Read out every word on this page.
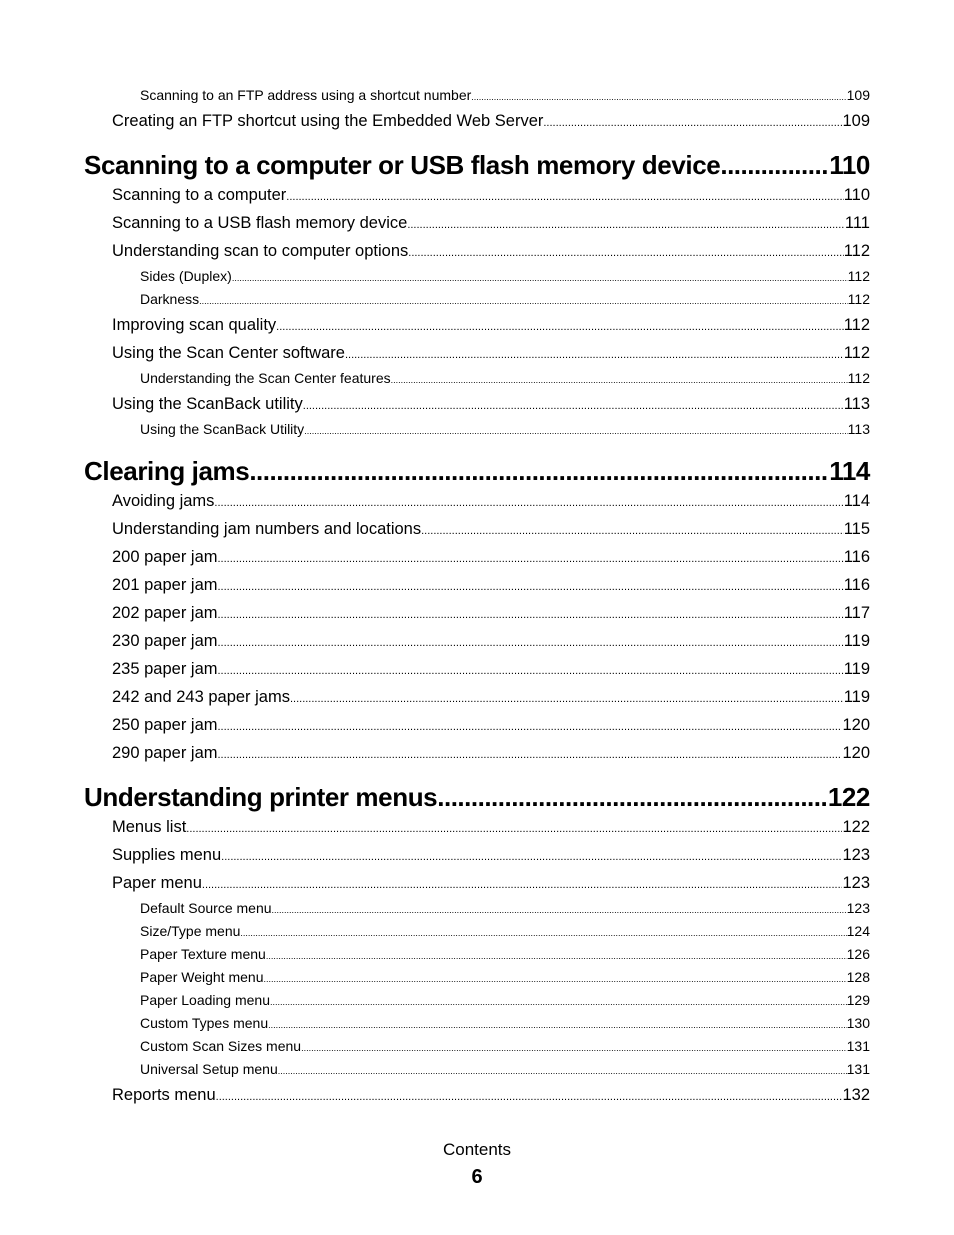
Scanning to an FTP address using a shortcut number .....	109
Creating an FTP shortcut using the Embedded Web Server .....	109
Scanning to a computer or USB flash memory device .....	110
Scanning to a computer .....	110
Scanning to a USB flash memory device .....	111
Understanding scan to computer options .....	112
Sides (Duplex) .....	112
Darkness .....	112
Improving scan quality .....	112
Using the Scan Center software .....	112
Understanding the Scan Center features .....	112
Using the ScanBack utility .....	113
Using the ScanBack Utility .....	113
Clearing jams .....	114
Avoiding jams .....	114
Understanding jam numbers and locations .....	115
200 paper jam .....	116
201 paper jam .....	116
202 paper jam .....	117
230 paper jam .....	119
235 paper jam .....	119
242 and 243 paper jams .....	119
250 paper jam .....	120
290 paper jam .....	120
Understanding printer menus .....	122
Menus list .....	122
Supplies menu .....	123
Paper menu .....	123
Default Source menu .....	123
Size/Type menu .....	124
Paper Texture menu .....	126
Paper Weight menu .....	128
Paper Loading menu .....	129
Custom Types menu .....	130
Custom Scan Sizes menu .....	131
Universal Setup menu .....	131
Reports menu .....	132
Contents
6
